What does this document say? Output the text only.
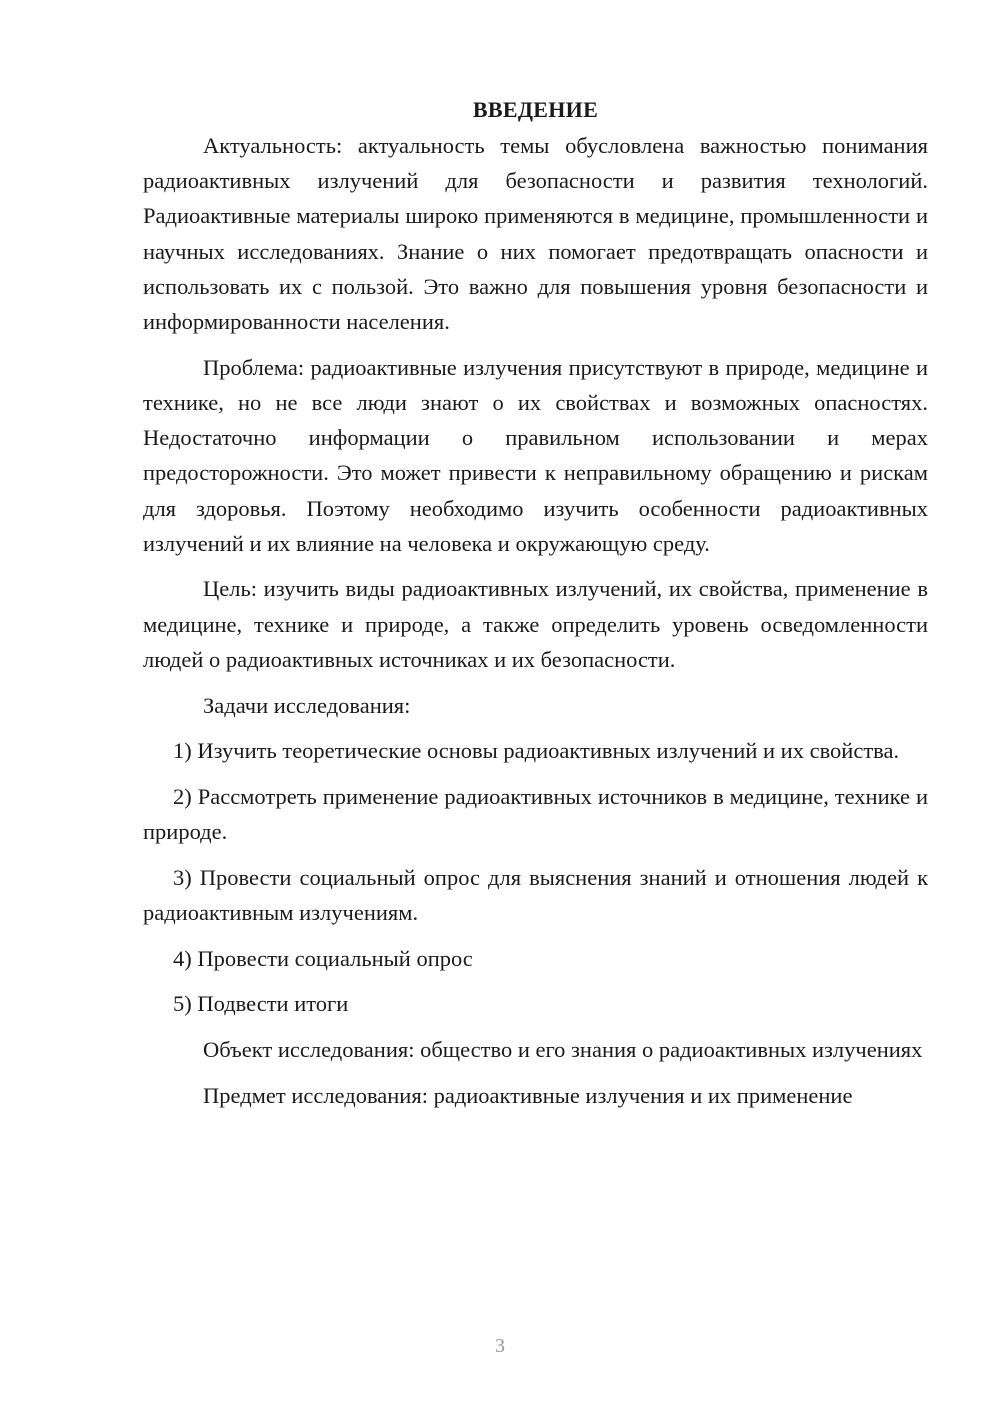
ВВЕДЕНИЕ

Актуальность: актуальность темы обусловлена важностью понимания радиоактивных излучений для безопасности и развития технологий. Радиоактивные материалы широко применяются в медицине, промышленности и научных исследованиях. Знание о них помогает предотвращать опасности и использовать их с пользой. Это важно для повышения уровня безопасности и информированности населения.

Проблема: радиоактивные излучения присутствуют в природе, медицине и технике, но не все люди знают о их свойствах и возможных опасностях. Недостаточно информации о правильном использовании и мерах предосторожности. Это может привести к неправильному обращению и рискам для здоровья. Поэтому необходимо изучить особенности радиоактивных излучений и их влияние на человека и окружающую среду.

Цель: изучить виды радиоактивных излучений, их свойства, применение в медицине, технике и природе, а также определить уровень осведомленности людей о радиоактивных источниках и их безопасности.

Задачи исследования:

1) Изучить теоретические основы радиоактивных излучений и их свойства.

2) Рассмотреть применение радиоактивных источников в медицине, технике и природе.

3) Провести социальный опрос для выяснения знаний и отношения людей к радиоактивным излучениям.

4) Провести социальный опрос

5) Подвести итоги

Объект исследования: общество и его знания о радиоактивных излучениях

Предмет исследования: радиоактивные излучения и их применение

3
